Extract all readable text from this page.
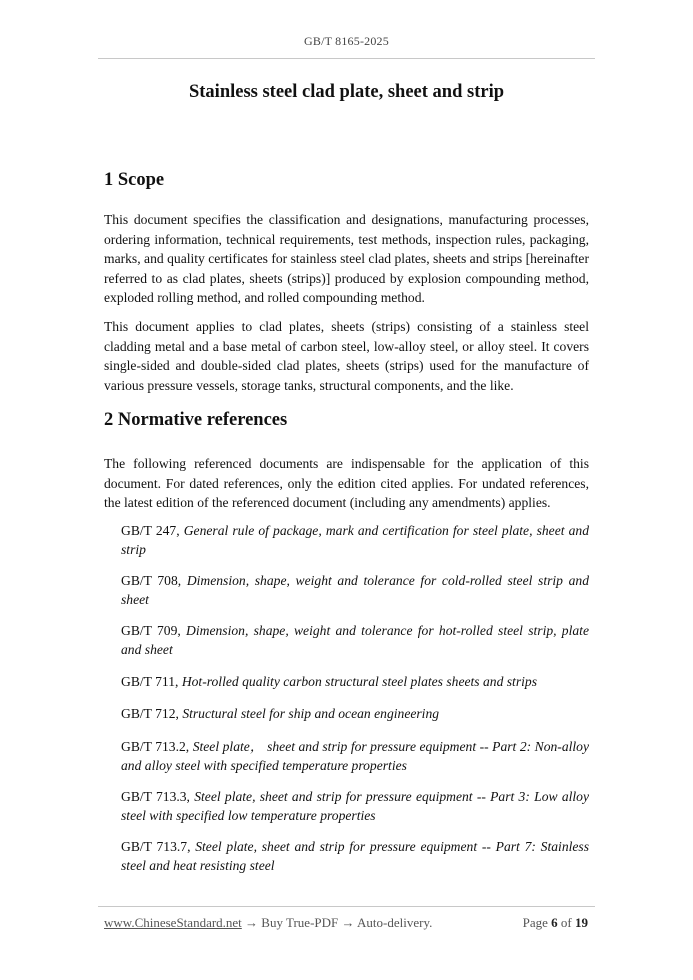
GB/T 8165-2025
Stainless steel clad plate, sheet and strip
1 Scope

This document specifies the classification and designations, manufacturing processes, ordering information, technical requirements, test methods, inspection rules, packaging, marks, and quality certificates for stainless steel clad plates, sheets and strips [hereinafter referred to as clad plates, sheets (strips)] produced by explosion compounding method, exploded rolling method, and rolled compounding method.

This document applies to clad plates, sheets (strips) consisting of a stainless steel cladding metal and a base metal of carbon steel, low-alloy steel, or alloy steel. It covers single-sided and double-sided clad plates, sheets (strips) used for the manufacture of various pressure vessels, storage tanks, structural components, and the like.

2 Normative references

The following referenced documents are indispensable for the application of this document. For dated references, only the edition cited applies. For undated references, the latest edition of the referenced document (including any amendments) applies.

GB/T 247, General rule of package, mark and certification for steel plate, sheet and strip

GB/T 708, Dimension, shape, weight and tolerance for cold-rolled steel strip and sheet

GB/T 709, Dimension, shape, weight and tolerance for hot-rolled steel strip, plate and sheet

GB/T 711, Hot-rolled quality carbon structural steel plates sheets and strips

GB/T 712, Structural steel for ship and ocean engineering

GB/T 713.2, Steel plate， sheet and strip for pressure equipment -- Part 2: Non-alloy and alloy steel with specified temperature properties

GB/T 713.3, Steel plate, sheet and strip for pressure equipment -- Part 3: Low alloy steel with specified low temperature properties

GB/T 713.7, Steel plate, sheet and strip for pressure equipment -- Part 7: Stainless steel and heat resisting steel

www.ChineseStandard.net → Buy True-PDF → Auto-delivery.	Page 6 of 19
